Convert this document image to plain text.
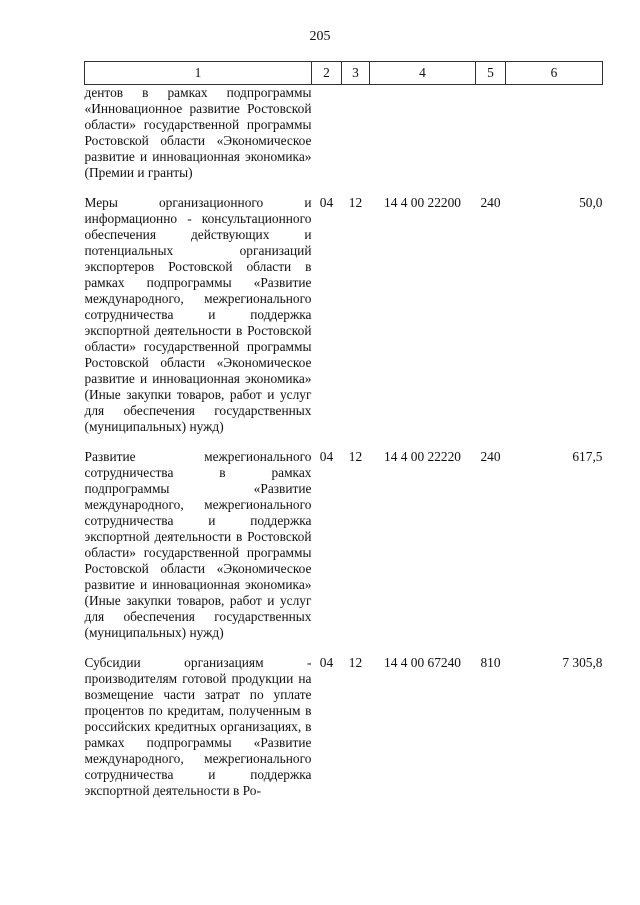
205
1	2	3	4	5	6
дентов в рамках подпрограммы «Инновационное развитие Ростовской области» государственной программы Ростовской области «Экономическое развитие и инновационная экономика» (Премии и гранты)					

Меры организационного и информационно - консультационного обеспечения действующих и потенциальных организаций экспортеров Ростовской области в рамках подпрограммы «Развитие международного, межрегионального сотрудничества и поддержка экспортной деятельности в Ростовской области» государственной программы Ростовской области «Экономическое развитие и инновационная экономика» (Иные закупки товаров, работ и услуг для обеспечения государственных (муниципальных) нужд)	04	12	14 4 00 22200	240	50,0

Развитие межрегионального сотрудничества в рамках подпрограммы «Развитие международного, межрегионального сотрудничества и поддержка экспортной деятельности в Ростовской области» государственной программы Ростовской области «Экономическое развитие и инновационная экономика» (Иные закупки товаров, работ и услуг для обеспечения государственных (муниципальных) нужд)	04	12	14 4 00 22220	240	617,5

Субсидии организациям - производителям готовой продукции на возмещение части затрат по уплате процентов по кредитам, полученным в российских кредитных организациях, в рамках подпрограммы «Развитие международного, межрегионального сотрудничества и поддержка экспортной деятельности в Ро-	04	12	14 4 00 67240	810	7 305,8
